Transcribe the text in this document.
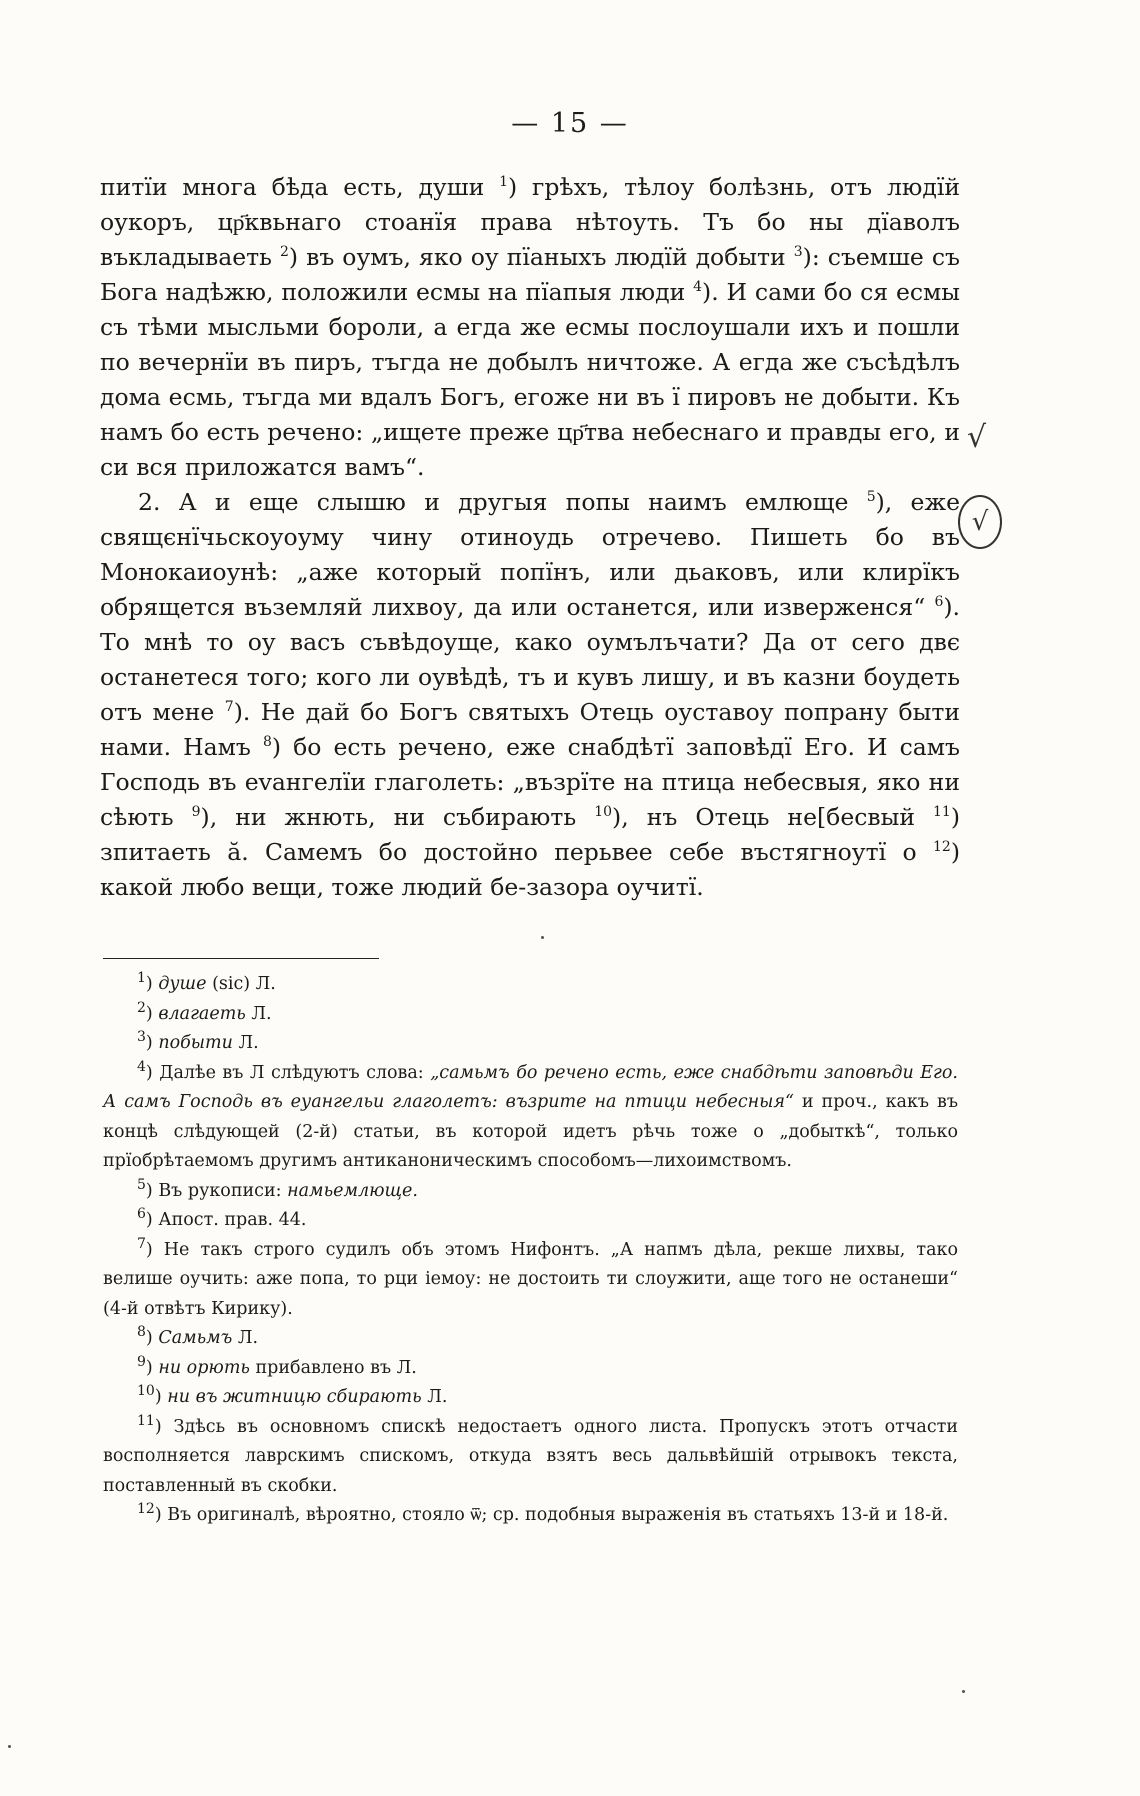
— 15 —

питїи многа бѣда есть, души $^1$) грѣхъ, тѣлоу болѣзнь, отъ людїй оукоръ, цр҃квьнаго стоанїя права нѣтоуть. Тъ бо ны дїаволъ въкладываеть $^2$) въ оумъ, яко оу пїаныхъ людїй добыти $^3$): съемше съ Бога надѣжю, положили есмы на пїапыя люди $^4$). И сами бо ся есмы съ тѣми мысльми бороли, а егда же есмы послоушали ихъ и пошли по вечернїи въ пиръ, тъгда не добылъ ничтоже. А егда же съсѣдѣлъ дома есмь, тъгда ми вдалъ Богъ, егоже ни въ ї пировъ не добыти. Къ намъ бо есть речено: „ищете преже цр҃тва небеснаго и правды его, и си вся приложатся вамъ“.

2. А и еще слышю и другыя попы наимъ емлюще $^5$), еже свящєнїчьскоуоуму чину отиноудь отречево. Пишеть бо въ Монокаиоунѣ: „аже который попїнъ, или дьаковъ, или клирїкъ обрящется въземляй лихвоу, да или останется, или изверженся“ $^6$). То мнѣ то оу васъ съвѣдоуще, како оумълъчати? Да от сего двє останетеся того; кого ли оувѣдѣ, тъ и кувъ лишу, и въ казни боудеть отъ мене $^7$). Не дай бо Богъ святыхъ Отець оуставоу попрану быти нами. Намъ $^8$) бо есть речено, еже снабдѣтї заповѣдї Его. И самъ Господь въ еvангелїи глаголеть: „възрїте на птица небесвыя, яко ни сѣють $^9$), ни жнють, ни събирають $^{10}$), нъ Отець не[бесвый $^{11}$) зпитаеть ӑ. Самемъ бо достойно перьвее себе въстягноутї о $^{12}$) какой любо вещи, тоже людий бе-зазора оучитї.

√
√

$^1$) душе (sic) Л.

$^2$) влагаеть Л.

$^3$) побыти Л.

$^4$) Далѣе въ Л слѣдуютъ слова: „самьмъ бо речено есть, еже снабдѣти заповѣди Его. А самъ Господь въ еуангельи глаголетъ: възрите на птици небесныя“ и проч., какъ въ концѣ слѣдующей (2-й) статьи, въ которой идетъ рѣчь тоже о „добыткѣ“, только прїобрѣтаемомъ другимъ антиканоническимъ способомъ—лихоимствомъ.

$^5$) Въ рукописи: намьемлюще.

$^6$) Апост. прав. 44.

$^7$) Не такъ строго судилъ объ этомъ Нифонтъ. „А напмъ дѣла, рекше лихвы, тако велише оучить: аже попа, то рци iемоу: не достоить ти слоужити, аще того не останеши“ (4-й отвѣтъ Кирику).

$^8$) Самьмъ Л.

$^9$) ни орють прибавлено въ Л.

$^{10}$) ни въ житницю сбирають Л.

$^{11}$) Здѣсь въ основномъ спискѣ недостаетъ одного листа. Пропускъ этотъ отчасти восполняется лаврскимъ спискомъ, откуда взятъ весь дальвѣйшій отрывокъ текста, поставленный въ скобки.

$^{12}$) Въ оригиналѣ, вѣроятно, стояло ѿ; ср. подобныя выраженія въ статьяхъ 13-й и 18-й.
